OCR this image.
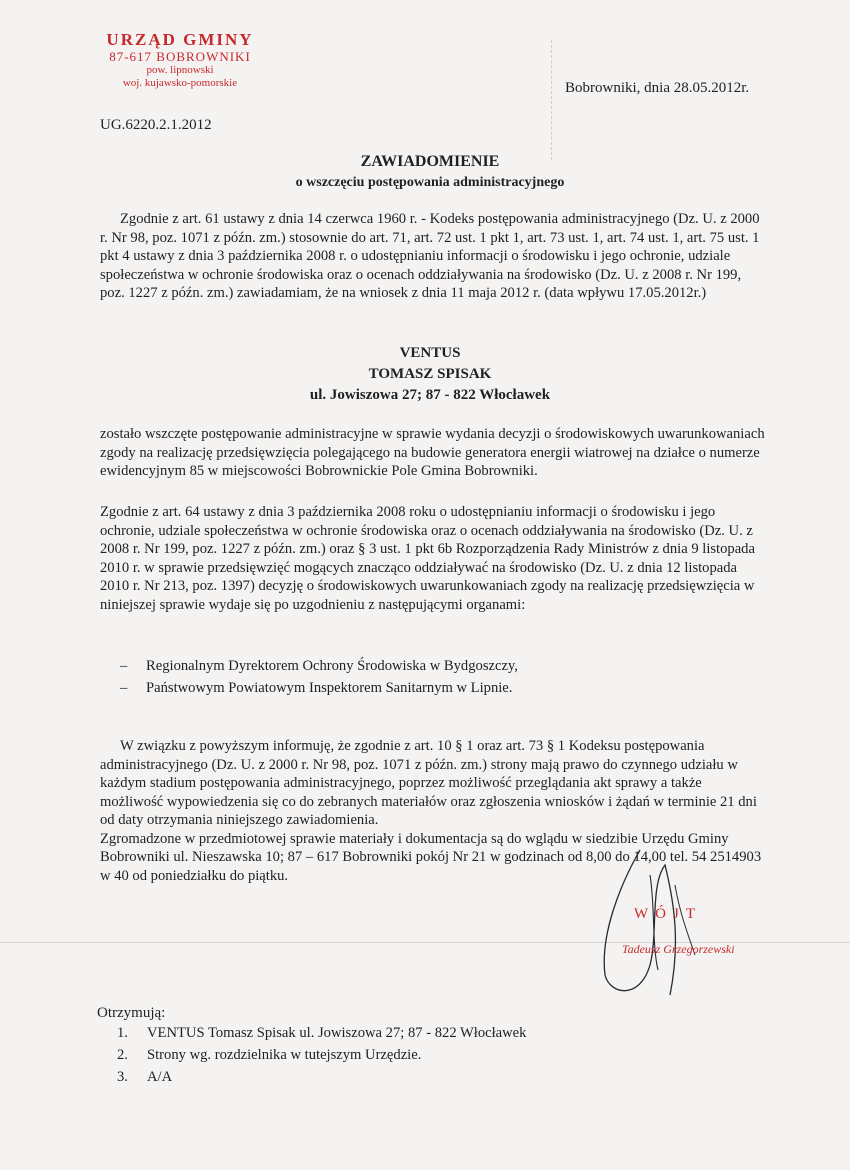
URZĄD GMINY
87-617 BOBROWNIKI
pow. lipnowski
woj. kujawsko-pomorskie	Bobrowniki, dnia 28.05.2012r.
UG.6220.2.1.2012
ZAWIADOMIENIE
o wszczęciu postępowania administracyjnego
Zgodnie z art. 61 ustawy z dnia 14 czerwca 1960 r. - Kodeks postępowania administracyjnego (Dz. U. z 2000 r. Nr 98, poz. 1071 z późn. zm.) stosownie do art. 71, art. 72 ust. 1 pkt 1, art. 73 ust. 1, art. 74 ust. 1, art. 75 ust. 1 pkt 4 ustawy z dnia 3 października 2008 r. o udostępnianiu informacji o środowisku i jego ochronie, udziale społeczeństwa w ochronie środowiska oraz o ocenach oddziaływania na środowisko (Dz. U. z 2008 r. Nr 199, poz. 1227 z późn. zm.) zawiadamiam, że na wniosek z dnia 11 maja 2012 r. (data wpływu 17.05.2012r.)
VENTUS
TOMASZ SPISAK
ul. Jowiszowa 27; 87 - 822 Włocławek
zostało wszczęte postępowanie administracyjne w sprawie wydania decyzji o środowiskowych uwarunkowaniach zgody na realizację przedsięwzięcia polegającego na budowie generatora energii wiatrowej na działce o numerze ewidencyjnym 85 w miejscowości Bobrownickie Pole Gmina Bobrowniki.
Zgodnie z art. 64 ustawy z dnia 3 października 2008 roku o udostępnianiu informacji o środowisku i jego ochronie, udziale społeczeństwa w ochronie środowiska oraz o ocenach oddziaływania na środowisko (Dz. U. z 2008 r. Nr 199, poz. 1227 z późn. zm.) oraz § 3 ust. 1 pkt 6b Rozporządzenia Rady Ministrów z dnia 9 listopada 2010 r. w sprawie przedsięwzięć mogących znacząco oddziaływać na środowisko (Dz. U. z dnia 12 listopada 2010 r. Nr 213, poz. 1397) decyzję o środowiskowych uwarunkowaniach zgody na realizację przedsięwzięcia w niniejszej sprawie wydaje się po uzgodnieniu z następującymi organami:
– Regionalnym Dyrektorem Ochrony Środowiska w Bydgoszczy,
– Państwowym Powiatowym Inspektorem Sanitarnym w Lipnie.
W związku z powyższym informuję, że zgodnie z art. 10 § 1 oraz art. 73 § 1 Kodeksu postępowania administracyjnego (Dz. U. z 2000 r. Nr 98, poz. 1071 z późn. zm.) strony mają prawo do czynnego udziału w każdym stadium postępowania administracyjnego, poprzez możliwość przeglądania akt sprawy a także możliwość wypowiedzenia się co do zebranych materiałów oraz zgłoszenia wniosków i żądań w terminie 21 dni od daty otrzymania niniejszego zawiadomienia.
Zgromadzone w przedmiotowej sprawie materiały i dokumentacja są do wglądu w siedzibie Urzędu Gminy Bobrowniki ul. Nieszawska 10; 87 – 617 Bobrowniki pokój Nr 21 w godzinach od 8,00 do 14,00 tel. 54 2514903 w 40 od poniedziałku do piątku.
WÓJT
Tadeusz Grzegorzewski
Otrzymują:
1. VENTUS Tomasz Spisak ul. Jowiszowa 27; 87 - 822 Włocławek
2. Strony wg. rozdzielnika w tutejszym Urzędzie.
3. A/A
